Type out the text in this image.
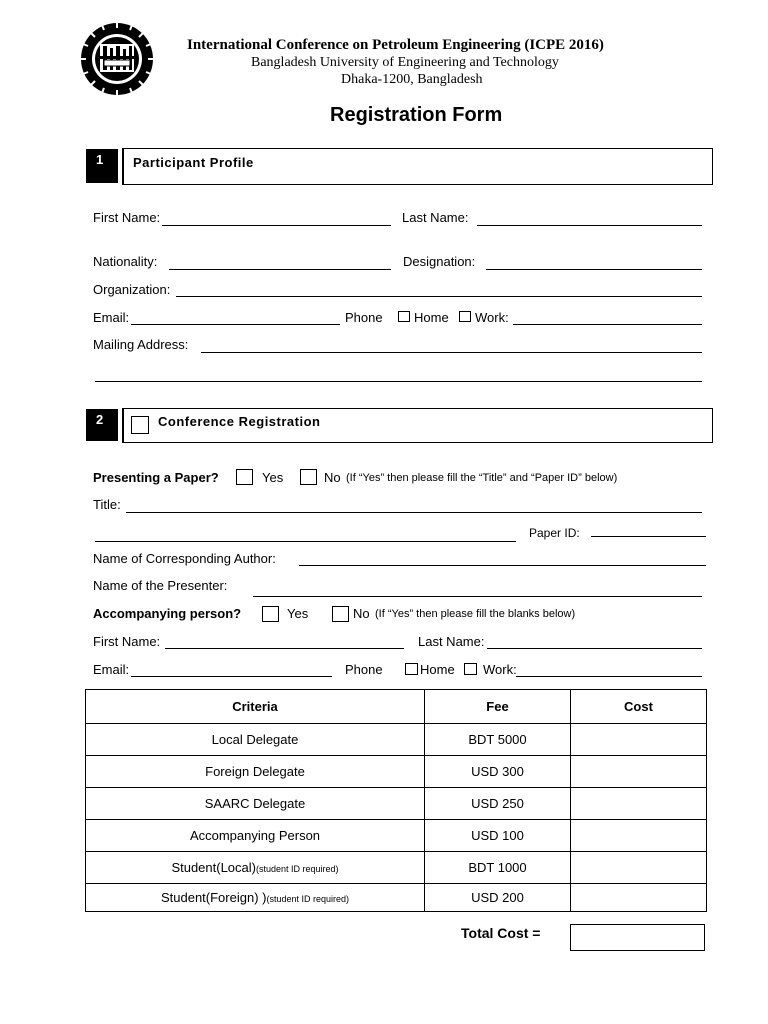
International Conference on Petroleum Engineering (ICPE 2016)
Bangladesh University of Engineering and Technology
Dhaka-1200, Bangladesh
Registration Form
1	Participant Profile
First Name:	Last Name:
Nationality:	Designation:
Organization:
Email:	Phone Home Work:
Mailing Address:
2	Conference Registration
Presenting a Paper?	Yes	No (If “Yes” then please fill the “Title” and “Paper ID” below)
Title:
Paper ID:
Name of Corresponding Author:
Name of the Presenter:
Accompanying person?	Yes	No (If “Yes” then please fill the blanks below)
First Name:	Last Name:
Email:	Phone	Home Work:
Criteria	Fee	Cost
Local Delegate	BDT 5000	
Foreign Delegate	USD 300	
SAARC Delegate	USD 250	
Accompanying Person	USD 100	
Student(Local)(student ID required)	BDT 1000	
Student(Foreign) )(student ID required)	USD 200	
Total Cost =
